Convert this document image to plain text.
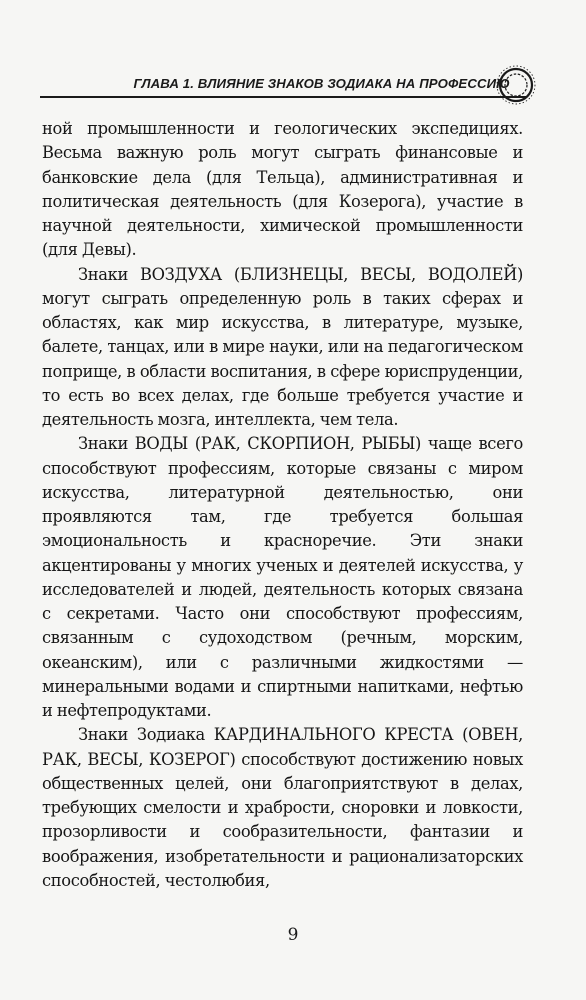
ГЛАВА 1. ВЛИЯНИЕ ЗНАКОВ ЗОДИАКА НА ПРОФЕССИЮ

ной промышленности и геологических экспедициях. Весьма важную роль могут сыграть финансовые и банковские дела (для Тельца), административная и политическая деятельность (для Козерога), участие в научной деятельности, химической промышленности (для Девы).

Знаки ВОЗДУХА (БЛИЗНЕЦЫ, ВЕСЫ, ВОДОЛЕЙ) могут сыграть определенную роль в таких сферах и областях, как мир искусства, в литературе, музыке, балете, танцах, или в мире науки, или на педагогическом поприще, в области воспитания, в сфере юриспруденции, то есть во всех делах, где больше требуется участие и деятельность мозга, интеллекта, чем тела.

Знаки ВОДЫ (РАК, СКОРПИОН, РЫБЫ) чаще всего способствуют профессиям, которые связаны с миром искусства, литературной деятельностью, они проявляются там, где требуется большая эмоциональность и красноречие. Эти знаки акцентированы у многих ученых и деятелей искусства, у исследователей и людей, деятельность которых связана с секретами. Часто они способствуют профессиям, связанным с судоходством (речным, морским, океанским), или с различными жидкостями — минеральными водами и спиртными напитками, нефтью и нефтепродуктами.

Знаки Зодиака КАРДИНАЛЬНОГО КРЕСТА (ОВЕН, РАК, ВЕСЫ, КОЗЕРОГ) способствуют достижению новых общественных целей, они благоприятствуют в делах, требующих смелости и храбрости, сноровки и ловкости, прозорливости и сообразительности, фантазии и воображения, изобретательности и рационализаторских способностей, честолюбия,

9
